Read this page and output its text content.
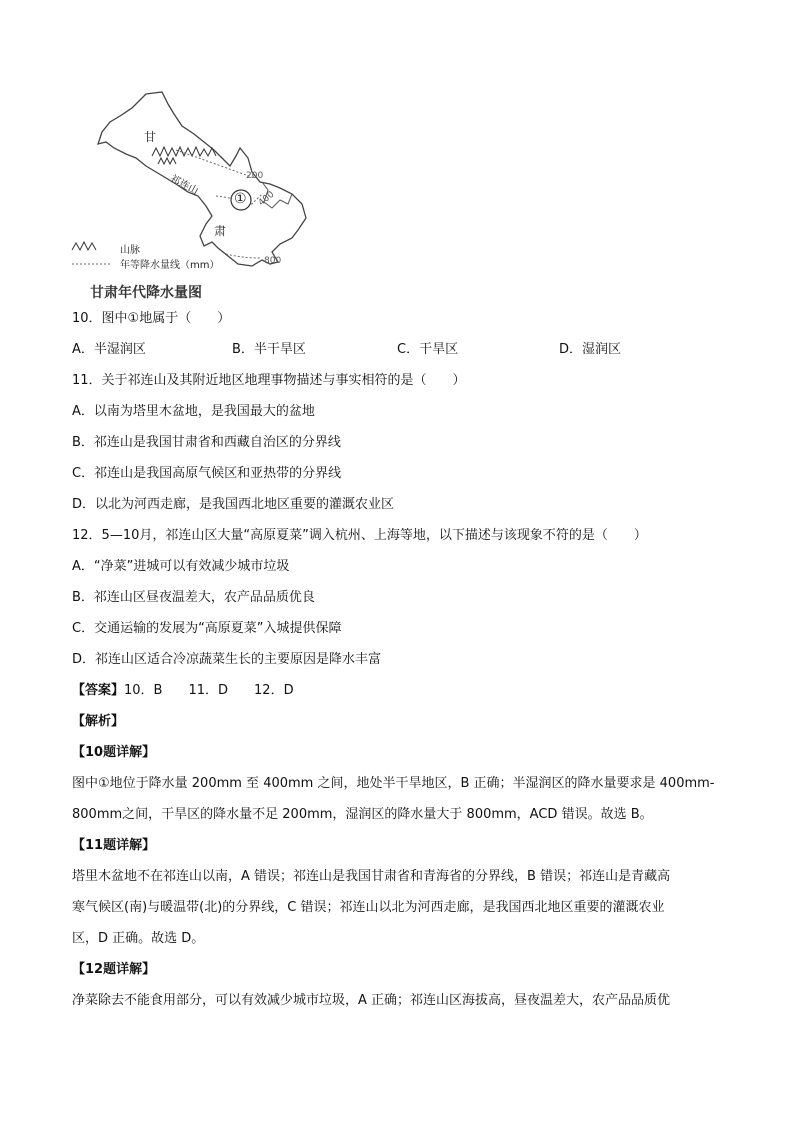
甘
肃
祁连山
①
200
400
800
山脉
年等降水量线（mm）
甘肃年代降水量图
10．图中①地属于（　　）
A．半湿润区	B．半干旱区	C．干旱区	D．湿润区
11．关于祁连山及其附近地区地理事物描述与事实相符的是（　　）
A．以南为塔里木盆地，是我国最大的盆地
B．祁连山是我国甘肃省和西藏自治区的分界线
C．祁连山是我国高原气候区和亚热带的分界线
D．以北为河西走廊，是我国西北地区重要的灌溉农业区
12．5—10月，祁连山区大量“高原夏菜”调入杭州、上海等地，以下描述与该现象不符的是（　　）
A．“净菜”进城可以有效减少城市垃圾
B．祁连山区昼夜温差大，农产品品质优良
C．交通运输的发展为“高原夏菜”入城提供保障
D．祁连山区适合冷凉蔬菜生长的主要原因是降水丰富
【答案】10．B　　11．D　　12．D
【解析】
【10题详解】
图中①地位于降水量 200mm 至 400mm 之间，地处半干旱地区，B 正确；半湿润区的降水量要求是 400mm-
800mm之间，干旱区的降水量不足 200mm，湿润区的降水量大于 800mm，ACD 错误。故选 B。
【11题详解】
塔里木盆地不在祁连山以南，A 错误；祁连山是我国甘肃省和青海省的分界线，B 错误；祁连山是青藏高
寒气候区(南)与暖温带(北)的分界线，C 错误；祁连山以北为河西走廊，是我国西北地区重要的灌溉农业
区，D 正确。故选 D。
【12题详解】
净菜除去不能食用部分，可以有效减少城市垃圾，A 正确；祁连山区海拔高，昼夜温差大，农产品品质优
